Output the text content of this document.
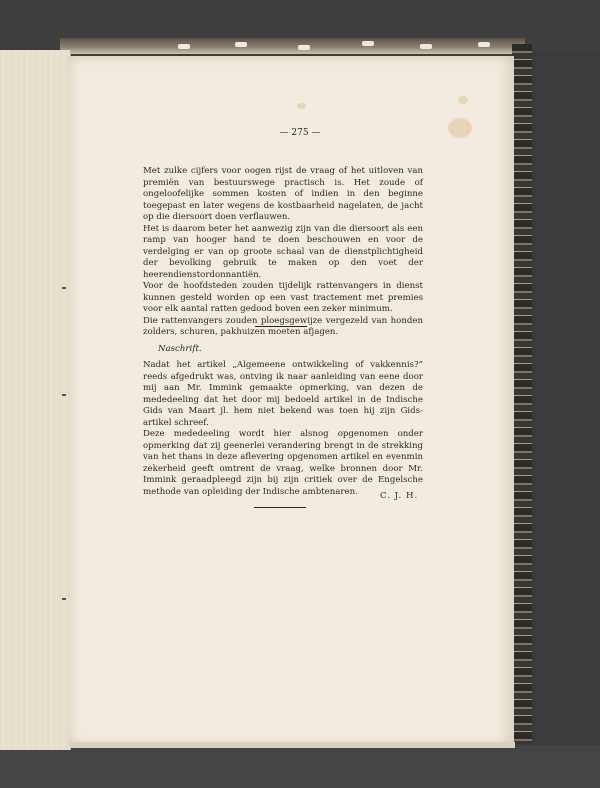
— 275 —

Met zulke cijfers voor oogen rijst de vraag of het uitloven van premiën van bestuurswege practisch is. Het zoude of ongeloofelijke sommen kosten of indien in den beginne toegepast en later wegens de kostbaarheid nagelaten, de jacht op die diersoort doen verflauwen.

Het is daarom beter het aanwezig zijn van die diersoort als een ramp van hooger hand te doen beschouwen en voor de verdelging er van op groote schaal van de dienstplichtigheid der bevolking gebruik te maken op den voet der heerendienstordonnantiën.

Voor de hoofdsteden zouden tijdelijk rattenvangers in dienst kunnen gesteld worden op een vast tractement met premies voor elk aantal ratten gedood boven een zeker minimum.

Die rattenvangers zouden ploegsgewijze vergezeld van honden zolders, schuren, pakhuizen moeten afjagen.

Naschrift.

Nadat het artikel „Algemeene ontwikkeling of vakkennis?” reeds afgedrukt was, ontving ik naar aanleiding van eene door mij aan Mr. Immink gemaakte opmerking, van dezen de mededeeling dat het door mij bedoeld artikel in de Indische Gids van Maart jl. hem niet bekend was toen hij zijn Gids-artikel schreef.

Deze mededeeling wordt hier alsnog opgenomen onder opmerking dat zij geenerlei verandering brengt in de strekking van het thans in deze aflevering opgenomen artikel en evenmin zekerheid geeft omtrent de vraag, welke bronnen door Mr. Immink geraadpleegd zijn bij zijn critiek over de Engelsche methode van opleiding der Indische ambtenaren.	C. J. H.
